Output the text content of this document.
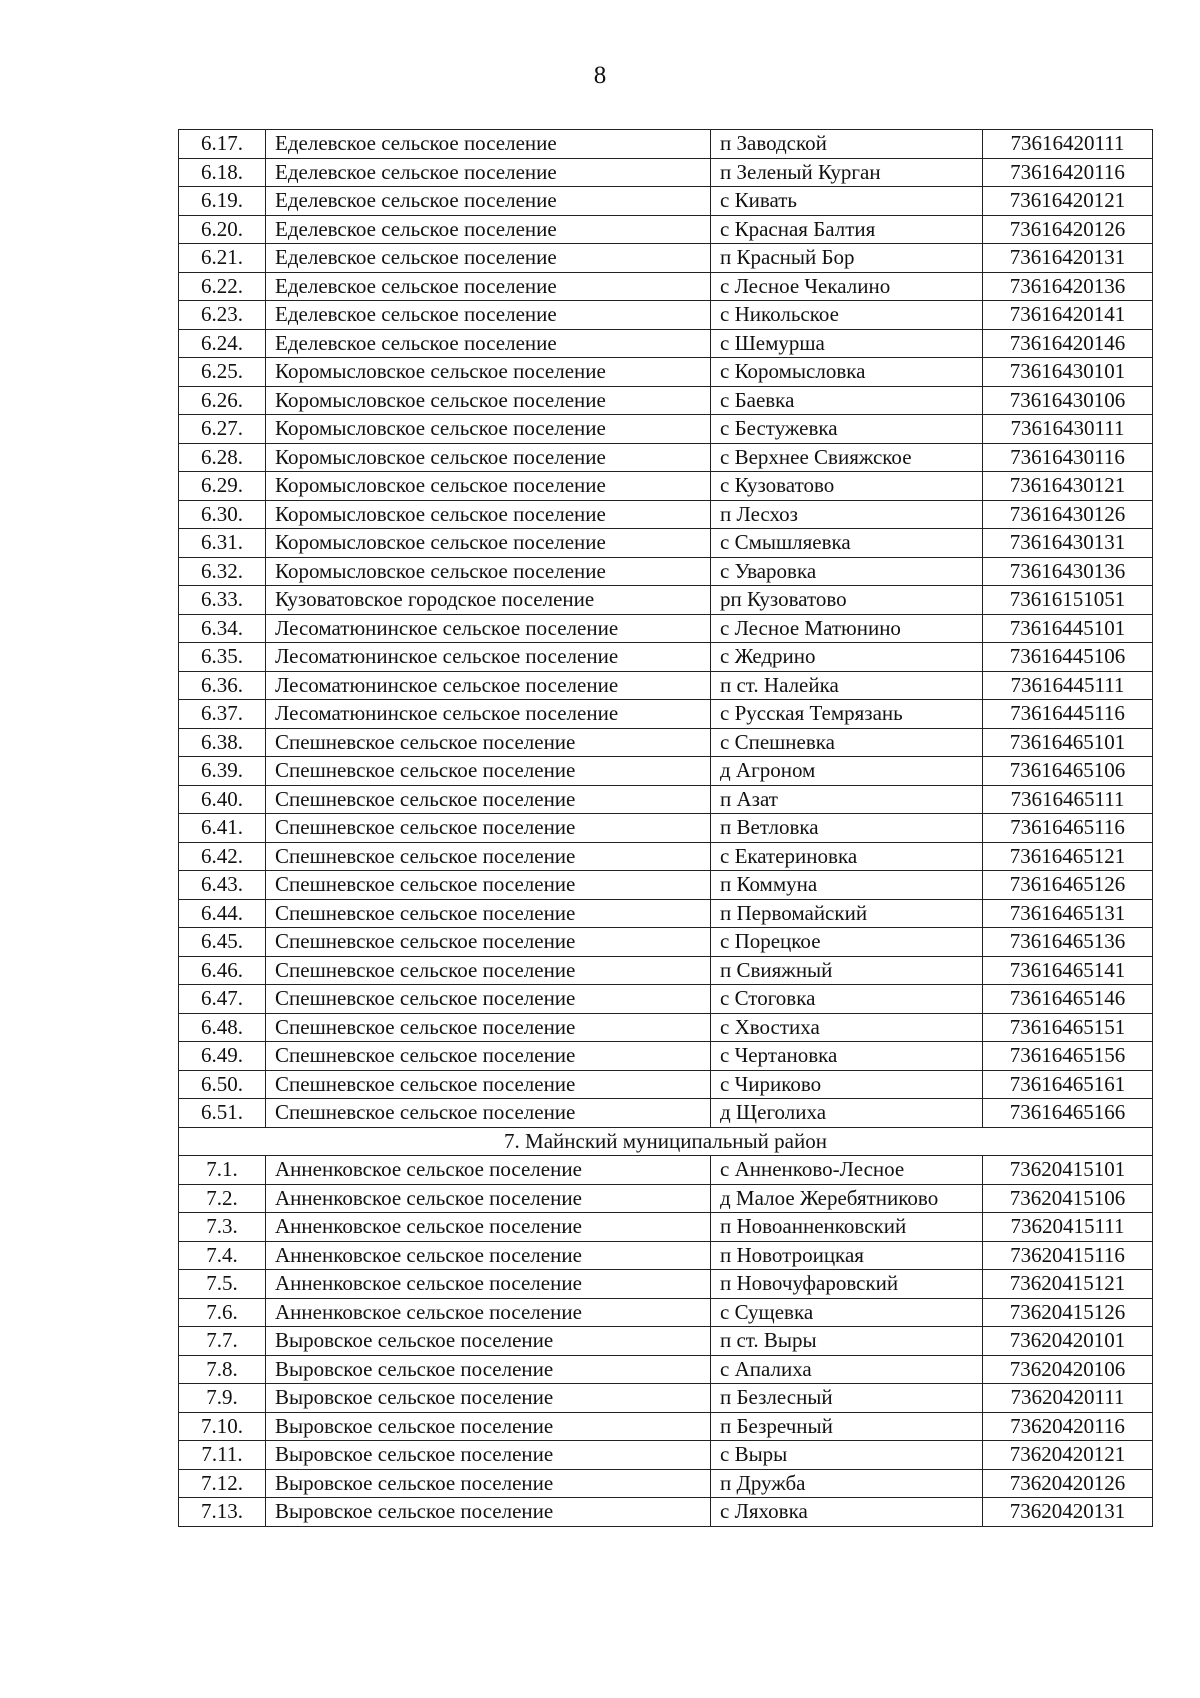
8
6.17.	Еделевское сельское поселение	п Заводской	73616420111
6.18.	Еделевское сельское поселение	п Зеленый Курган	73616420116
6.19.	Еделевское сельское поселение	с Кивать	73616420121
6.20.	Еделевское сельское поселение	с Красная Балтия	73616420126
6.21.	Еделевское сельское поселение	п Красный Бор	73616420131
6.22.	Еделевское сельское поселение	с Лесное Чекалино	73616420136
6.23.	Еделевское сельское поселение	с Никольское	73616420141
6.24.	Еделевское сельское поселение	с Шемурша	73616420146
6.25.	Коромысловское сельское поселение	с Коромысловка	73616430101
6.26.	Коромысловское сельское поселение	с Баевка	73616430106
6.27.	Коромысловское сельское поселение	с Бестужевка	73616430111
6.28.	Коромысловское сельское поселение	с Верхнее Свияжское	73616430116
6.29.	Коромысловское сельское поселение	с Кузоватово	73616430121
6.30.	Коромысловское сельское поселение	п Лесхоз	73616430126
6.31.	Коромысловское сельское поселение	с Смышляевка	73616430131
6.32.	Коромысловское сельское поселение	с Уваровка	73616430136
6.33.	Кузоватовское городское поселение	рп Кузоватово	73616151051
6.34.	Лесоматюнинское сельское поселение	с Лесное Матюнино	73616445101
6.35.	Лесоматюнинское сельское поселение	с Жедрино	73616445106
6.36.	Лесоматюнинское сельское поселение	п ст. Налейка	73616445111
6.37.	Лесоматюнинское сельское поселение	с Русская Темрязань	73616445116
6.38.	Спешневское сельское поселение	с Спешневка	73616465101
6.39.	Спешневское сельское поселение	д Агроном	73616465106
6.40.	Спешневское сельское поселение	п Азат	73616465111
6.41.	Спешневское сельское поселение	п Ветловка	73616465116
6.42.	Спешневское сельское поселение	с Екатериновка	73616465121
6.43.	Спешневское сельское поселение	п Коммуна	73616465126
6.44.	Спешневское сельское поселение	п Первомайский	73616465131
6.45.	Спешневское сельское поселение	с Порецкое	73616465136
6.46.	Спешневское сельское поселение	п Свияжный	73616465141
6.47.	Спешневское сельское поселение	с Стоговка	73616465146
6.48.	Спешневское сельское поселение	с Хвостиха	73616465151
6.49.	Спешневское сельское поселение	с Чертановка	73616465156
6.50.	Спешневское сельское поселение	с Чириково	73616465161
6.51.	Спешневское сельское поселение	д Щеголиха	73616465166
7. Майнский муниципальный район			
7.1.	Анненковское сельское поселение	с Анненково-Лесное	73620415101
7.2.	Анненковское сельское поселение	д Малое Жеребятниково	73620415106
7.3.	Анненковское сельское поселение	п Новоанненковский	73620415111
7.4.	Анненковское сельское поселение	п Новотроицкая	73620415116
7.5.	Анненковское сельское поселение	п Новочуфаровский	73620415121
7.6.	Анненковское сельское поселение	с Сущевка	73620415126
7.7.	Выровское сельское поселение	п ст. Выры	73620420101
7.8.	Выровское сельское поселение	с Апалиха	73620420106
7.9.	Выровское сельское поселение	п Безлесный	73620420111
7.10.	Выровское сельское поселение	п Безречный	73620420116
7.11.	Выровское сельское поселение	с Выры	73620420121
7.12.	Выровское сельское поселение	п Дружба	73620420126
7.13.	Выровское сельское поселение	с Ляховка	73620420131
